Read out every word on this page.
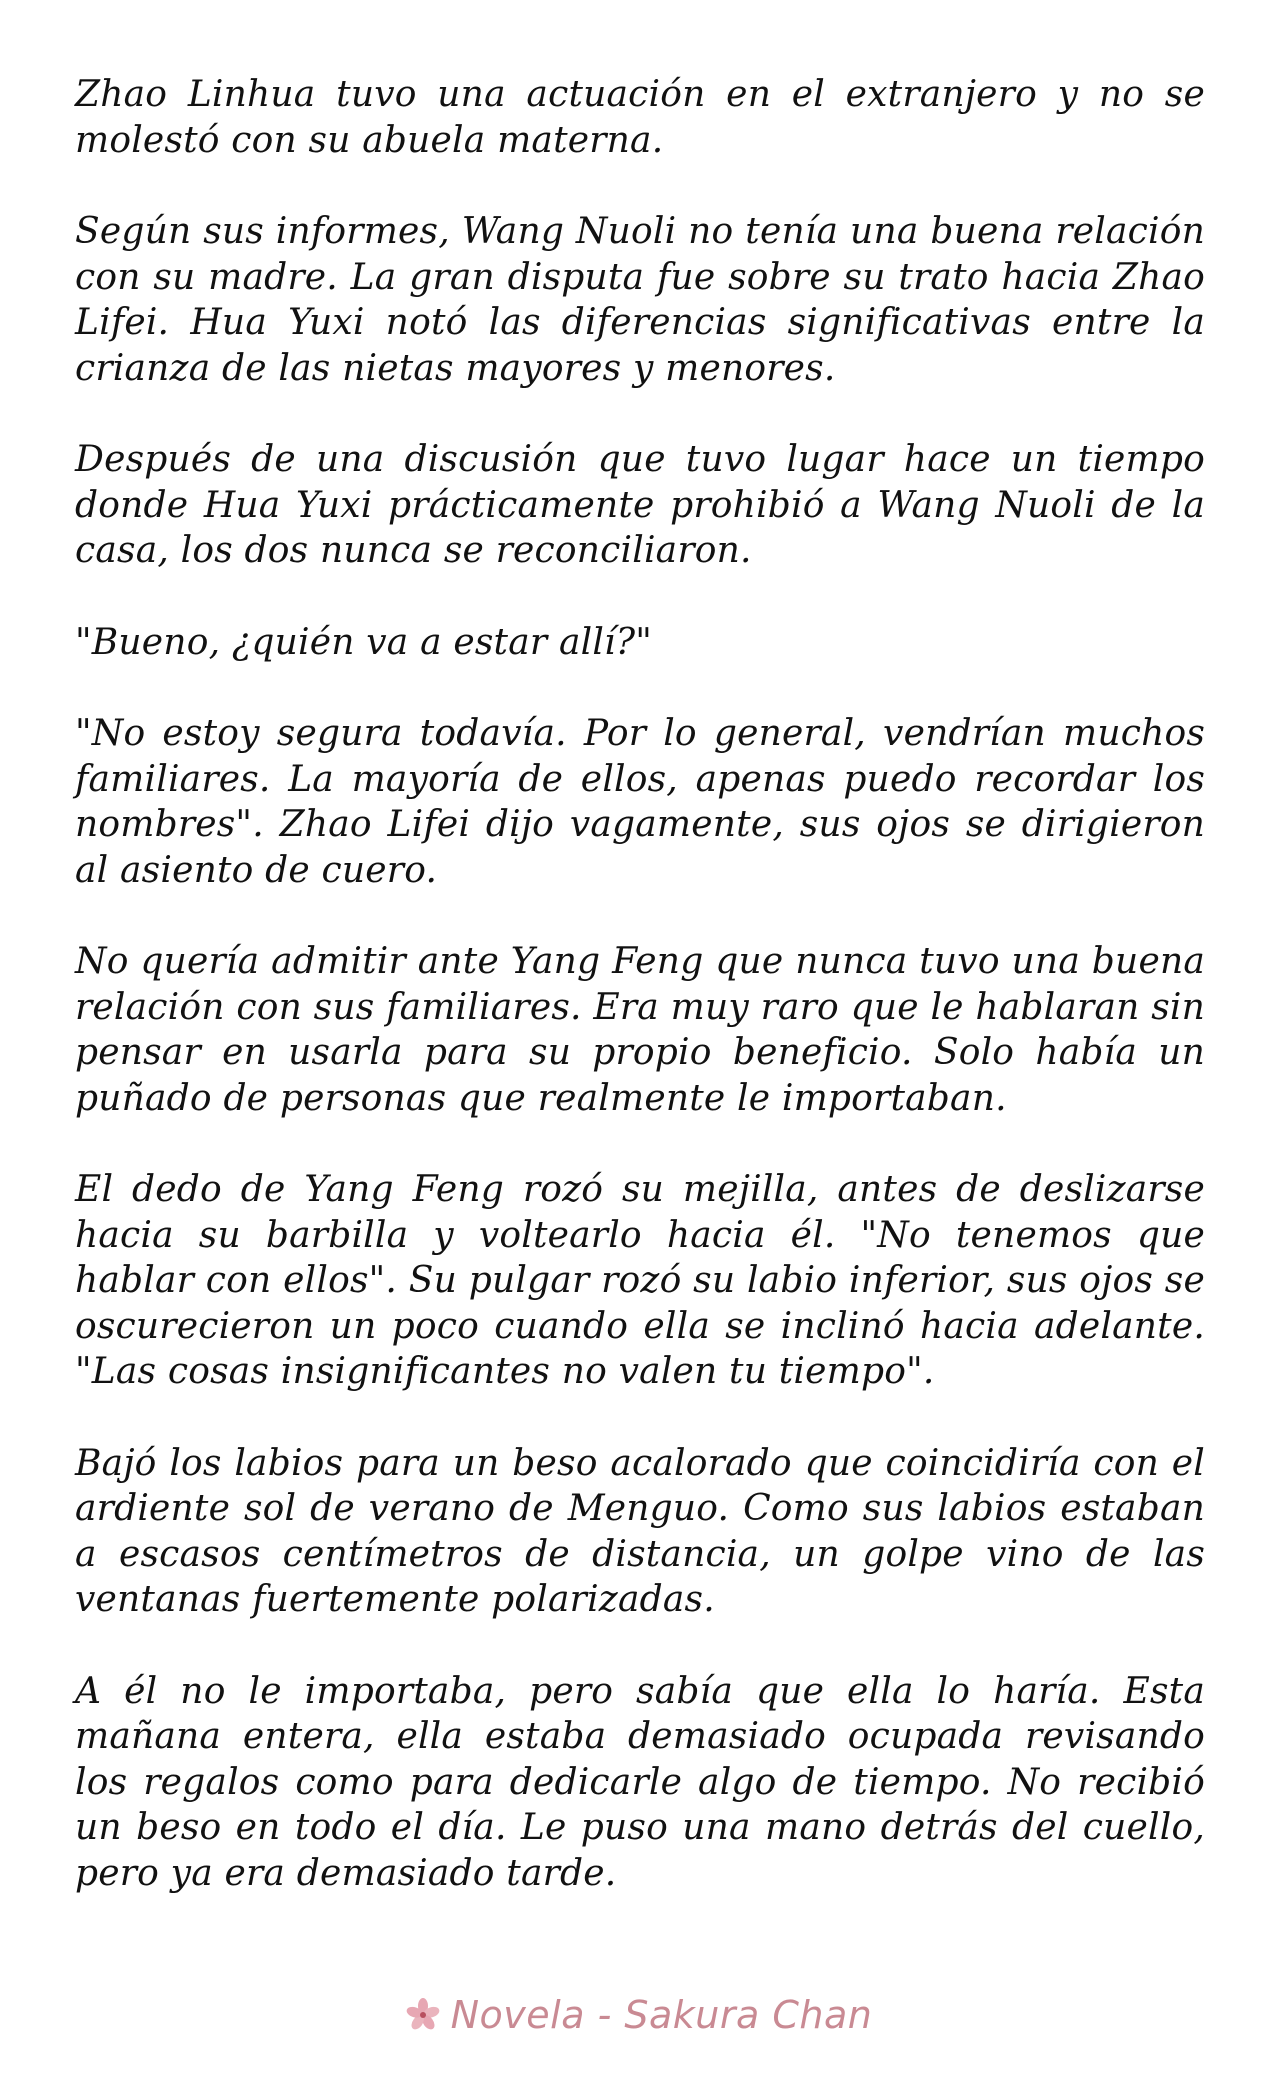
Zhao Linhua tuvo una actuación en el extranjero y no se molestó con su abuela materna.

Según sus informes, Wang Nuoli no tenía una buena relación con su madre. La gran disputa fue sobre su trato hacia Zhao Lifei. Hua Yuxi notó las diferencias significativas entre la crianza de las nietas mayores y menores.

Después de una discusión que tuvo lugar hace un tiempo donde Hua Yuxi prácticamente prohibió a Wang Nuoli de la casa, los dos nunca se reconciliaron.

"Bueno, ¿quién va a estar allí?"

"No estoy segura todavía. Por lo general, vendrían muchos familiares. La mayoría de ellos, apenas puedo recordar los nombres". Zhao Lifei dijo vagamente, sus ojos se dirigieron al asiento de cuero.

No quería admitir ante Yang Feng que nunca tuvo una buena relación con sus familiares. Era muy raro que le hablaran sin pensar en usarla para su propio beneficio. Solo había un puñado de personas que realmente le importaban.

El dedo de Yang Feng rozó su mejilla, antes de deslizarse hacia su barbilla y voltearlo hacia él. "No tenemos que hablar con ellos". Su pulgar rozó su labio inferior, sus ojos se oscurecieron un poco cuando ella se inclinó hacia adelante. "Las cosas insignificantes no valen tu tiempo".

Bajó los labios para un beso acalorado que coincidiría con el ardiente sol de verano de Menguo. Como sus labios estaban a escasos centímetros de distancia, un golpe vino de las ventanas fuertemente polarizadas.

A él no le importaba, pero sabía que ella lo haría. Esta mañana entera, ella estaba demasiado ocupada revisando los regalos como para dedicarle algo de tiempo. No recibió un beso en todo el día. Le puso una mano detrás del cuello, pero ya era demasiado tarde.

Novela - Sakura Chan
